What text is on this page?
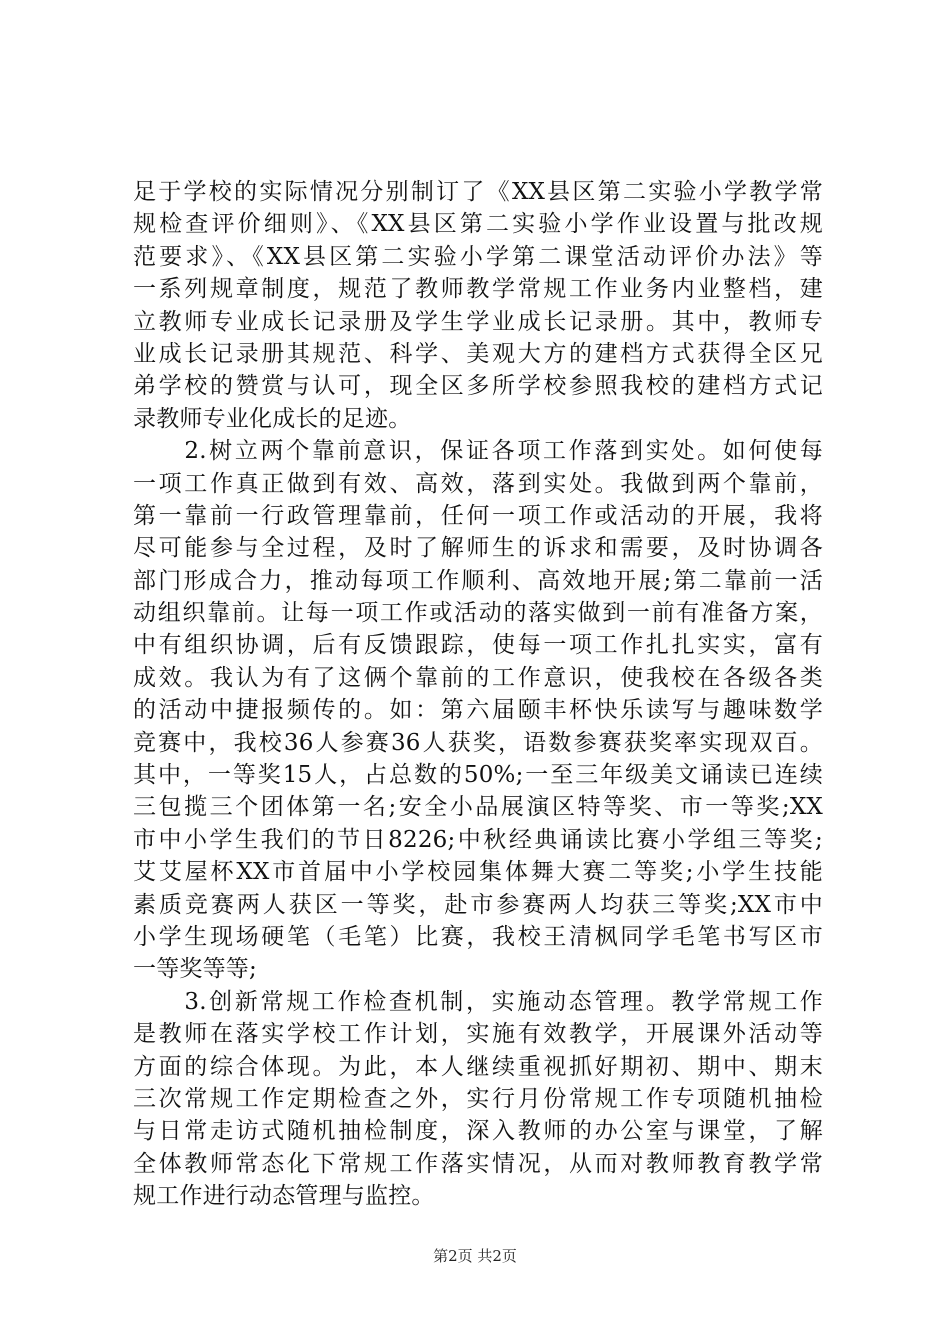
足于学校的实际情况分别制订了《XX县区第二实验小学教学常
规检查评价细则》、《XX县区第二实验小学作业设置与批改规
范要求》、《XX县区第二实验小学第二课堂活动评价办法》等
一系列规章制度，规范了教师教学常规工作业务内业整档，建
立教师专业成长记录册及学生学业成长记录册。其中，教师专
业成长记录册其规范、科学、美观大方的建档方式获得全区兄
弟学校的赞赏与认可，现全区多所学校参照我校的建档方式记
录教师专业化成长的足迹。
　　2.树立两个靠前意识，保证各项工作落到实处。如何使每
一项工作真正做到有效、高效，落到实处。我做到两个靠前，
第一靠前一行政管理靠前，任何一项工作或活动的开展，我将
尽可能参与全过程，及时了解师生的诉求和需要，及时协调各
部门形成合力，推动每项工作顺利、高效地开展;第二靠前一活
动组织靠前。让每一项工作或活动的落实做到一前有准备方案，
中有组织协调，后有反馈跟踪，使每一项工作扎扎实实，富有
成效。我认为有了这俩个靠前的工作意识，使我校在各级各类
的活动中捷报频传的。如：第六届颐丰杯快乐读写与趣味数学
竞赛中，我校36人参赛36人获奖，语数参赛获奖率实现双百。
其中，一等奖15人，占总数的50%;一至三年级美文诵读已连续
三包揽三个团体第一名;安全小品展演区特等奖、市一等奖;XX
市中小学生我们的节日8226;中秋经典诵读比赛小学组三等奖;
艾艾屋杯XX市首届中小学校园集体舞大赛二等奖;小学生技能
素质竞赛两人获区一等奖，赴市参赛两人均获三等奖;XX市中
小学生现场硬笔（毛笔）比赛，我校王清枫同学毛笔书写区市
一等奖等等;
　　3.创新常规工作检查机制，实施动态管理。教学常规工作
是教师在落实学校工作计划，实施有效教学，开展课外活动等
方面的综合体现。为此，本人继续重视抓好期初、期中、期末
三次常规工作定期检查之外，实行月份常规工作专项随机抽检
与日常走访式随机抽检制度，深入教师的办公室与课堂，了解
全体教师常态化下常规工作落实情况，从而对教师教育教学常
规工作进行动态管理与监控。
第2页 共2页
